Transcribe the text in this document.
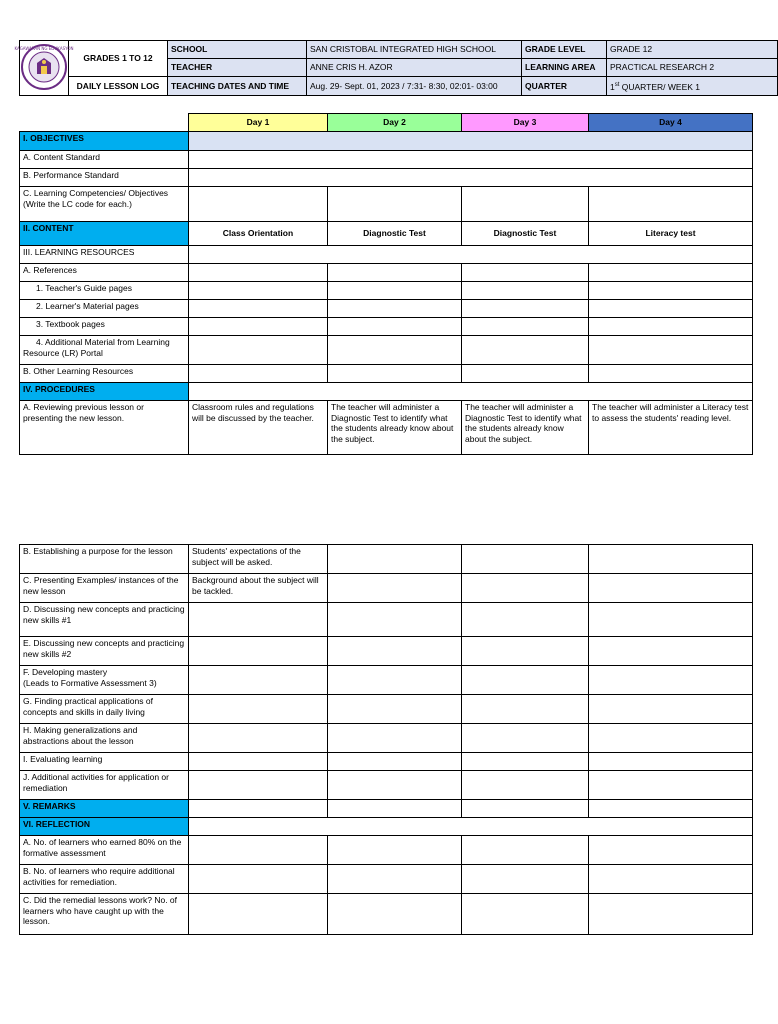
KAGAWARAN NG EDUKASYON	GRADES 1 TO 12	SCHOOL	SAN CRISTOBAL INTEGRATED HIGH SCHOOL	GRADE LEVEL	GRADE 12
		TEACHER	ANNE CRIS H. AZOR	LEARNING AREA	PRACTICAL RESEARCH 2
	DAILY LESSON LOG	TEACHING DATES AND TIME	Aug. 29- Sept. 01, 2023 / 7:31- 8:30, 02:01- 03:00	QUARTER	1st QUARTER/ WEEK 1
	Day 1	Day 2	Day 3	Day 4
I. OBJECTIVES				
A. Content Standard				
B. Performance Standard				
C. Learning Competencies/ Objectives
(Write the LC code for each.)				
II. CONTENT	Class Orientation	Diagnostic Test	Diagnostic Test	Literacy test
III. LEARNING RESOURCES				
A. References				
1. Teacher's Guide pages				
2. Learner's Material pages				
3. Textbook pages				
4. Additional Material from Learning Resource (LR) Portal				
B. Other Learning Resources				
IV. PROCEDURES				
A. Reviewing previous lesson or presenting the new lesson.	Classroom rules and regulations will be discussed by the teacher.	The teacher will administer a Diagnostic Test to identify what the students already know about the subject.	The teacher will administer a Diagnostic Test to identify what the students already know about the subject.	The teacher will administer a Literacy test to assess the students' reading level.
B. Establishing a purpose for the lesson	Students' expectations of the subject will be asked.			
C. Presenting Examples/ instances of the new lesson	Background about the subject will be tackled.			
D. Discussing new concepts and practicing new skills #1				
E. Discussing new concepts and practicing new skills #2				
F. Developing mastery
(Leads to Formative Assessment 3)				
G. Finding practical applications of concepts and skills in daily living				
H. Making generalizations and abstractions about the lesson				
I. Evaluating learning				
J. Additional activities for application or remediation				
V. REMARKS				
VI. REFLECTION				
A. No. of learners who earned 80% on the formative assessment				
B. No. of learners who require additional activities for remediation.				
C. Did the remedial lessons work? No. of learners who have caught up with the lesson.				
